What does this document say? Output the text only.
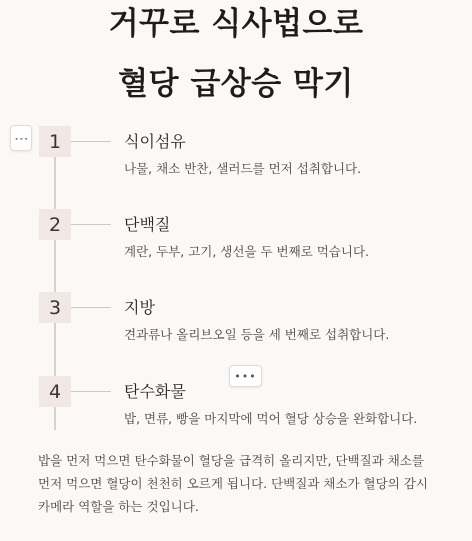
거꾸로 식사법으로
혈당 급상승 막기
⋮	1	식이섬유
나물, 채소 반찬, 샐러드를 먼저 섭취합니다.
2	단백질
계란, 두부, 고기, 생선을 두 번째로 먹습니다.
3	지방
견과류나 올리브오일 등을 세 번째로 섭취합니다.
4	탄수화물
밥, 면류, 빵을 마지막에 먹어 혈당 상승을 완화합니다.
•••
밥을 먼저 먹으면 탄수화물이 혈당을 급격히 올리지만, 단백질과 채소를
먼저 먹으면 혈당이 천천히 오르게 됩니다. 단백질과 채소가 혈당의 감시
카메라 역할을 하는 것입니다.
